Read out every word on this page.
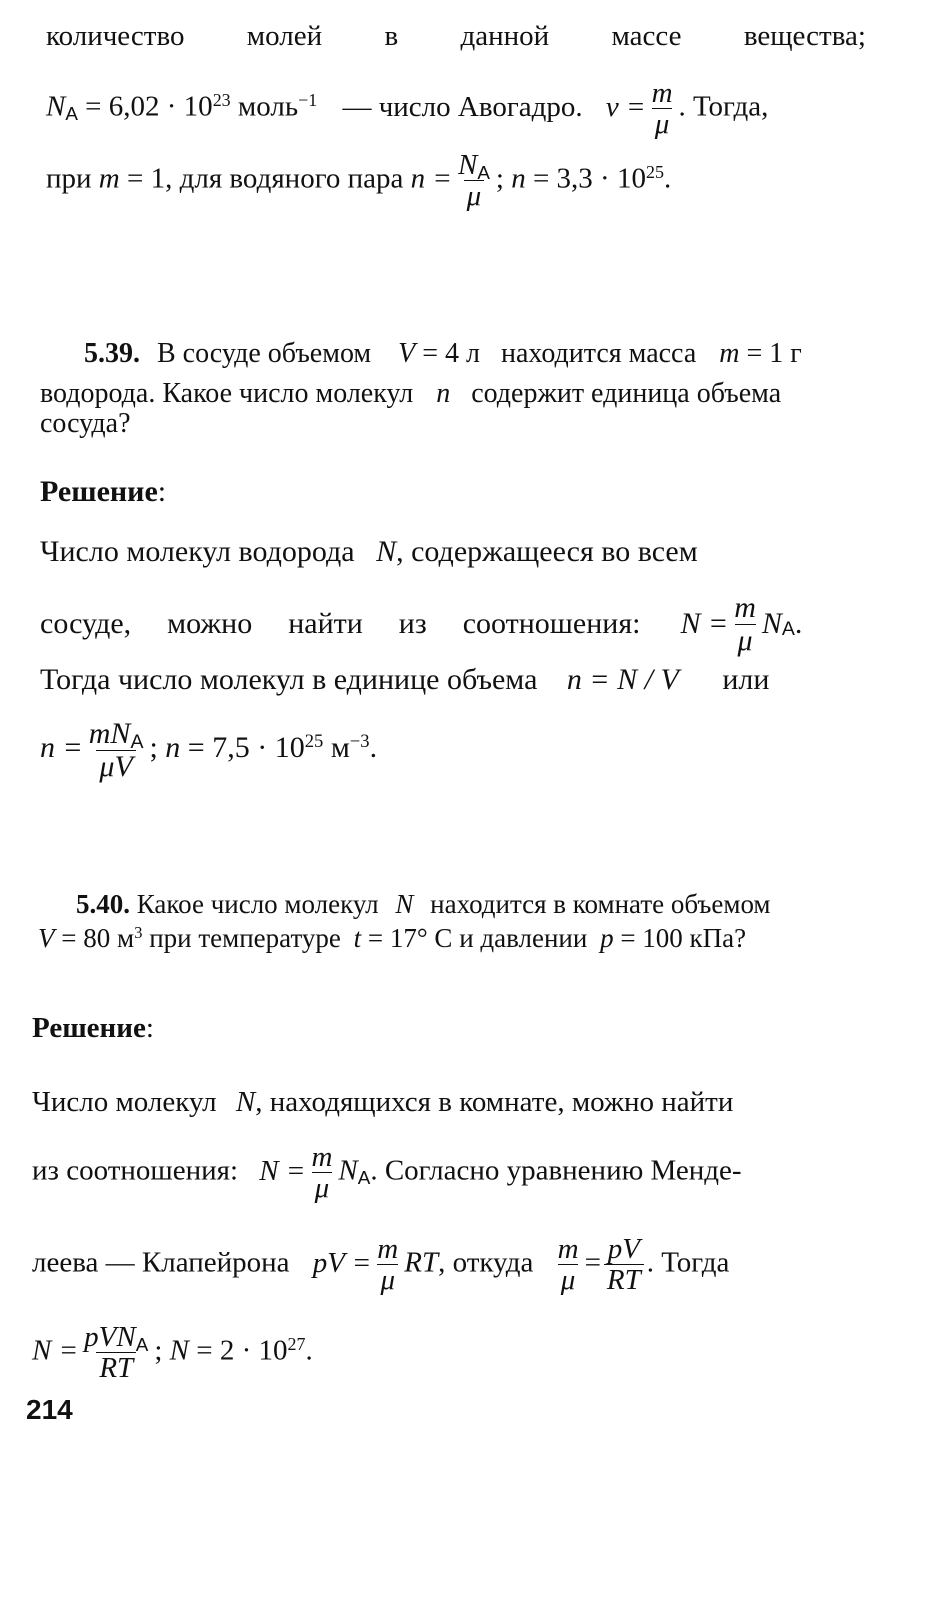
количество молей в данной массе вещества;
$N_А = 6,02 \cdot 10^{23}$ моль$^{-1}$ — число Авогадро. $\nu = \frac{m}{\mu}$ . Тогда,
при m = 1, для водяного пара $n = \frac{N_А}{\mu}$ ; $n = 3,3 \cdot 10^{25}$.
5.39. В сосуде объемом V = 4 л находится масса m = 1 г
водорода. Какое число молекул n содержит единица объема
сосуда?
Решение:
Число молекул водорода N, содержащееся во всем
сосуде, можно найти из соотношения: $N = \frac{m}{\mu} N_А$ .
Тогда число молекул в единице объема n = N / V или
$n = \frac{mN_А}{\mu V}$ ; $n = 7,5 \cdot 10^{25}$ $м^{-3}$.
5.40. Какое число молекул N находится в комнате объемом
V = 80 $м^3$ при температуре t = 17° С и давлении p = 100 кПа?
Решение:
Число молекул N, находящихся в комнате, можно найти
из соотношения: $N = \frac{m}{\mu} N_А$. Согласно уравнению Менде-
леева — Клапейрона pV = $\frac{m}{\mu}$ RT, откуда $\frac{m}{\mu} = \frac{pV}{RT}$ . Тогда
$N = \frac{pVN_А}{RT}$ ; $N = 2 \cdot 10^{27}$.
214
